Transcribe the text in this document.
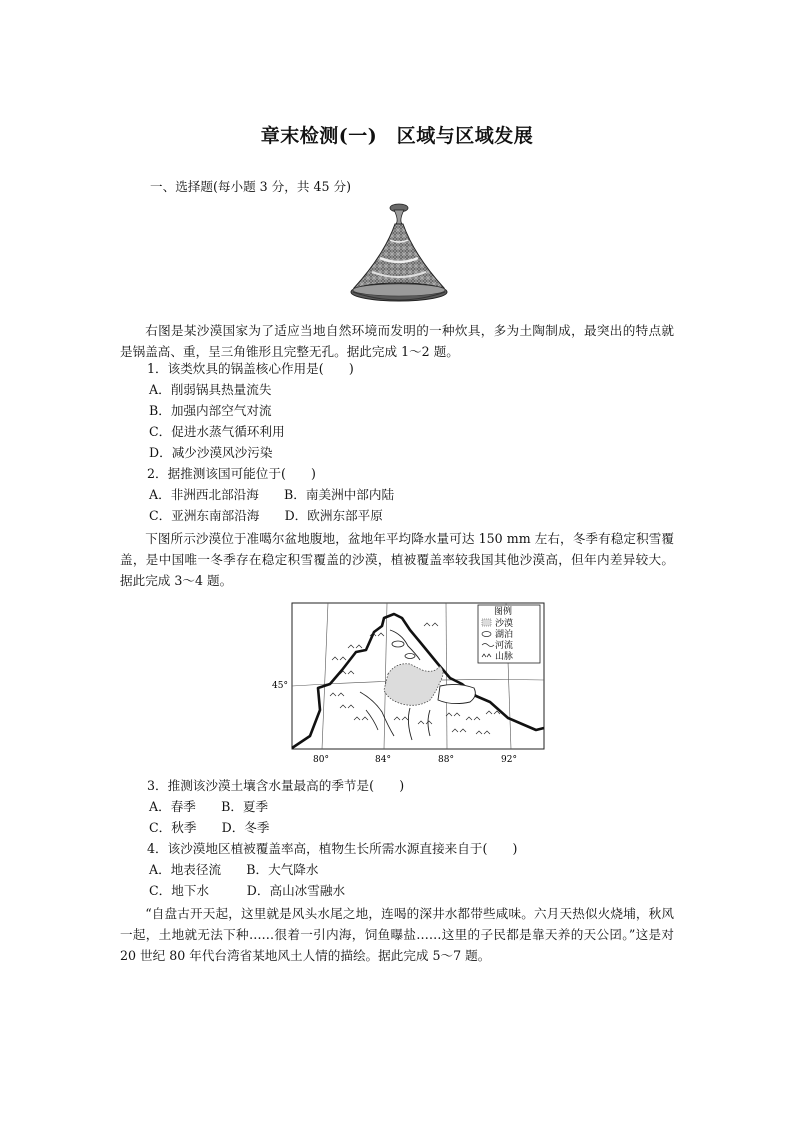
章末检测(一)　区域与区域发展
一、选择题(每小题 3 分，共 45 分)
右图是某沙漠国家为了适应当地自然环境而发明的一种炊具，多为土陶制成，最突出的特点就是锅盖高、重，呈三角锥形且完整无孔。据此完成 1～2 题。
1．该类炊具的锅盖核心作用是(　　)
A．削弱锅具热量流失
B．加强内部空气对流
C．促进水蒸气循环利用
D．减少沙漠风沙污染
2．据推测该国可能位于(　　)
A．非洲西北部沿海　　B．南美洲中部内陆
C．亚洲东南部沿海　　D．欧洲东部平原
下图所示沙漠位于准噶尔盆地腹地，盆地年平均降水量可达 150 mm 左右，冬季有稳定积雪覆盖，是中国唯一冬季存在稳定积雪覆盖的沙漠，植被覆盖率较我国其他沙漠高，但年内差异较大。据此完成 3～4 题。
图例
沙漠
湖泊
河流
山脉
45°
80°	84°	88°	92°
3．推测该沙漠土壤含水量最高的季节是(　　)
A．春季　　B．夏季
C．秋季　　D．冬季
4．该沙漠地区植被覆盖率高，植物生长所需水源直接来自于(　　)
A．地表径流　　B．大气降水
C．地下水　　　D．高山冰雪融水
“自盘古开天起，这里就是风头水尾之地，连喝的深井水都带些咸味。六月天热似火烧埔，秋风一起，土地就无法下种……很着一引内海，饲鱼曝盐……这里的子民都是靠天养的天公囝。”这是对 20 世纪 80 年代台湾省某地风土人情的描绘。据此完成 5～7 题。
